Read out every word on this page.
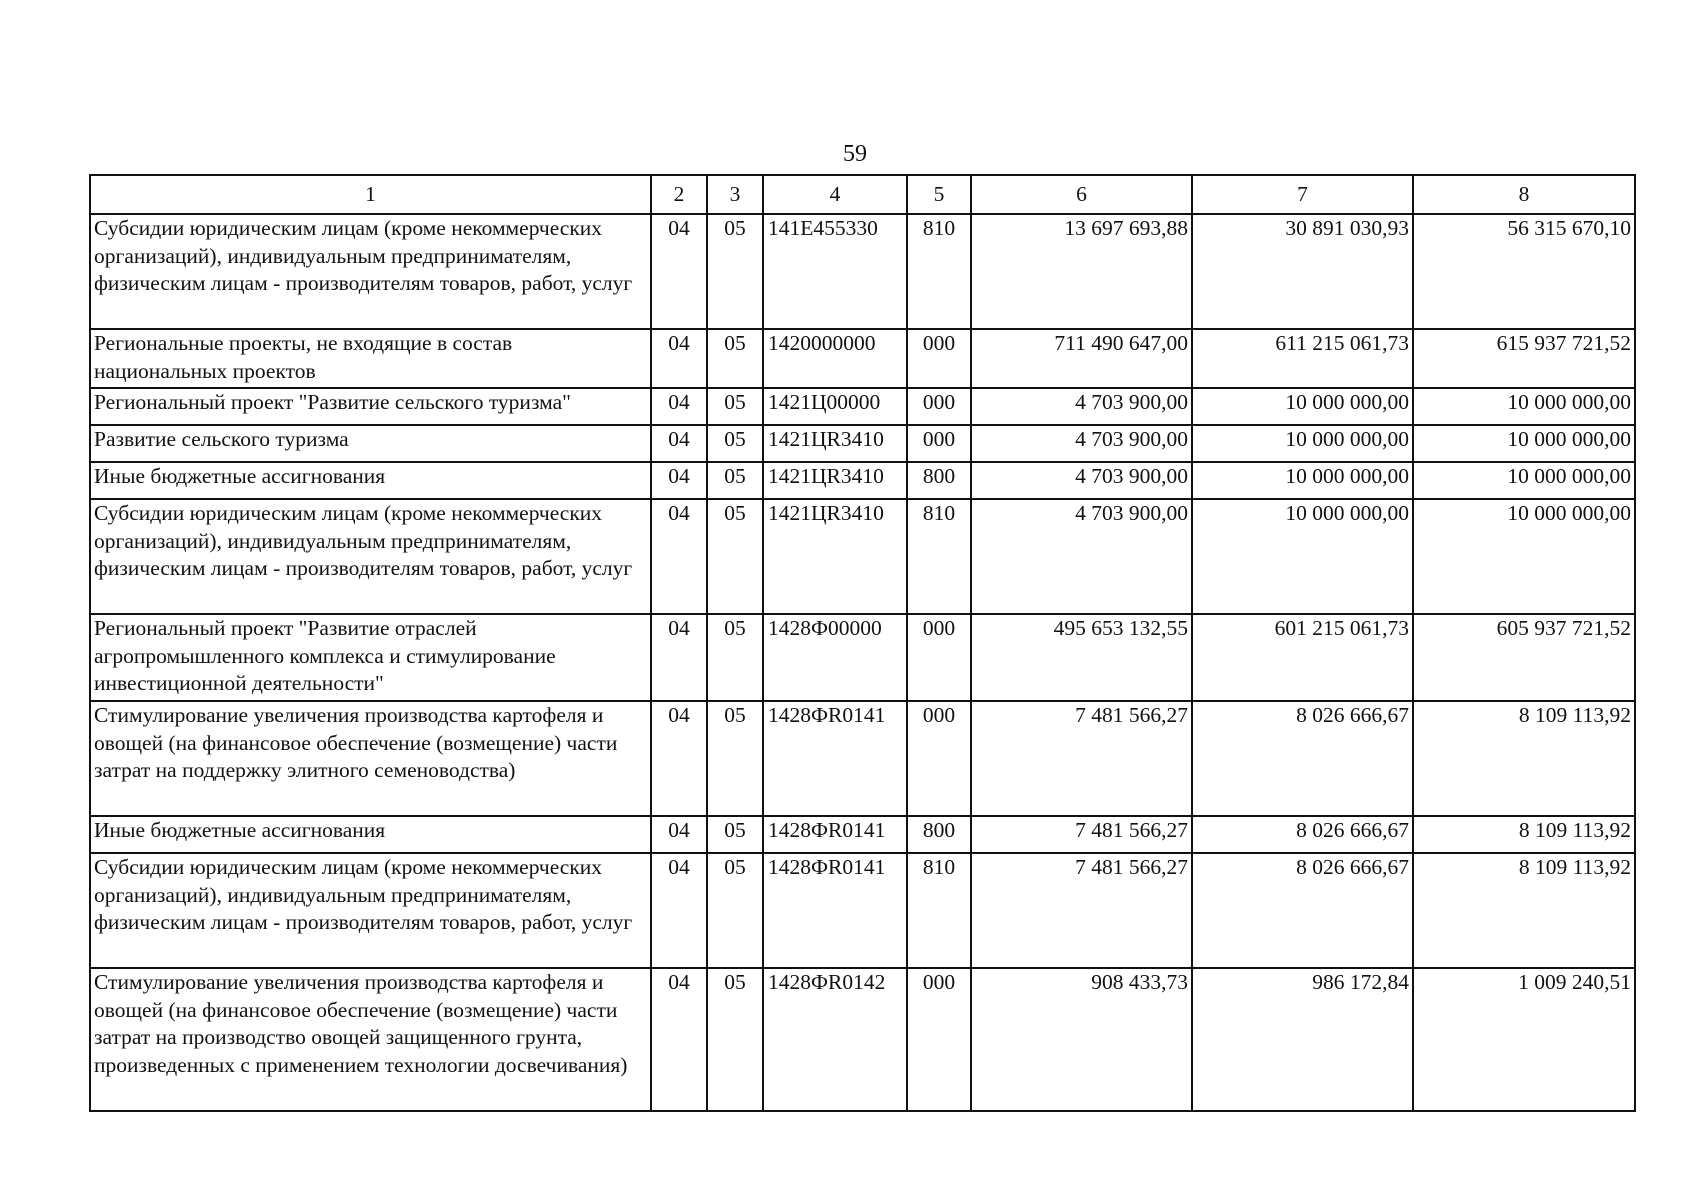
59
1	2	3	4	5	6	7	8
Субсидии юридическим лицам (кроме некоммерческих организаций), индивидуальным предпринимателям, физическим лицам - производителям товаров, работ, услуг	04	05	141E455330	810	13 697 693,88	30 891 030,93	56 315 670,10
Региональные проекты, не входящие в состав национальных проектов	04	05	1420000000	000	711 490 647,00	611 215 061,73	615 937 721,52
Региональный проект "Развитие сельского туризма"	04	05	1421Ц00000	000	4 703 900,00	10 000 000,00	10 000 000,00
Развитие сельского туризма	04	05	1421ЦR3410	000	4 703 900,00	10 000 000,00	10 000 000,00
Иные бюджетные ассигнования	04	05	1421ЦR3410	800	4 703 900,00	10 000 000,00	10 000 000,00
Субсидии юридическим лицам (кроме некоммерческих организаций), индивидуальным предпринимателям, физическим лицам - производителям товаров, работ, услуг	04	05	1421ЦR3410	810	4 703 900,00	10 000 000,00	10 000 000,00
Региональный проект "Развитие отраслей агропромышленного комплекса и стимулирование инвестиционной деятельности"	04	05	1428Ф00000	000	495 653 132,55	601 215 061,73	605 937 721,52
Стимулирование увеличения производства картофеля и овощей (на финансовое обеспечение (возмещение) части затрат на поддержку элитного семеноводства)	04	05	1428ФR0141	000	7 481 566,27	8 026 666,67	8 109 113,92
Иные бюджетные ассигнования	04	05	1428ФR0141	800	7 481 566,27	8 026 666,67	8 109 113,92
Субсидии юридическим лицам (кроме некоммерческих организаций), индивидуальным предпринимателям, физическим лицам - производителям товаров, работ, услуг	04	05	1428ФR0141	810	7 481 566,27	8 026 666,67	8 109 113,92
Стимулирование увеличения производства картофеля и овощей (на финансовое обеспечение (возмещение) части затрат на производство овощей защищенного грунта, произведенных с применением технологии досвечивания)	04	05	1428ФR0142	000	908 433,73	986 172,84	1 009 240,51
